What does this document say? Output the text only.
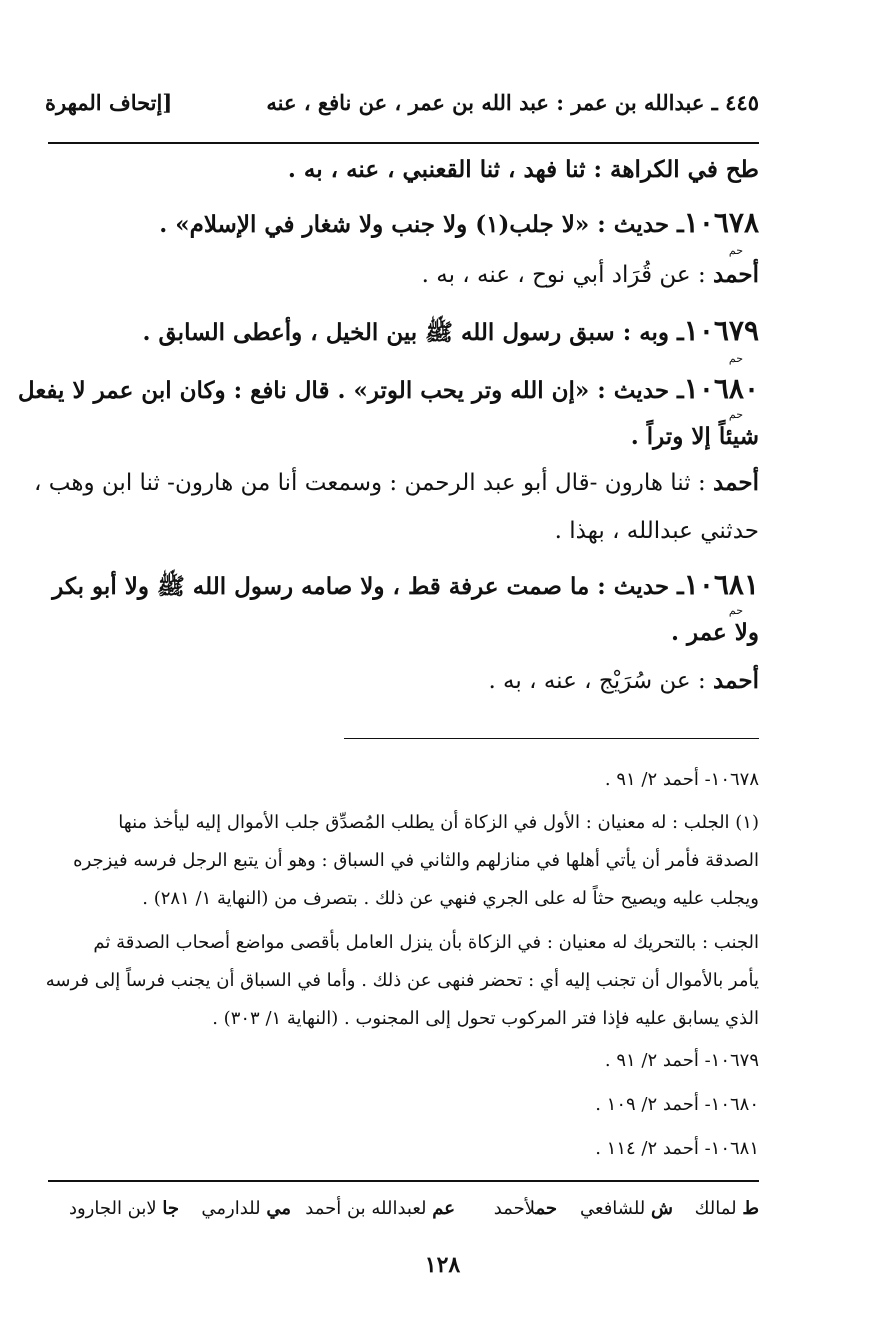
٤٤٥ ـ عبدالله بن عمر : عبد الله بن عمر ، عن نافع ، عنه
[إتحاف المهرة
طح في الكراهة : ثنا فهد ، ثنا القعنبي ، عنه ، به .
١٠٦٧٨ـ حديث : «لا جلب(١) ولا جنب ولا شغار في الإسلام» .
حم
أحمد : عن قُرَاد أبي نوح ، عنه ، به .
١٠٦٧٩ـ وبه : سبق رسول الله ﷺ بين الخيل ، وأعطى السابق .
حم
١٠٦٨٠ـ حديث : «إن الله وتر يحب الوتر» . قال نافع : وكان ابن عمر لا يفعل
حم
شيئاً إلا وتراً .
أحمد : ثنا هارون -قال أبو عبد الرحمن : وسمعت أنا من هارون- ثنا ابن وهب ،
حدثني عبدالله ، بهذا .
١٠٦٨١ـ حديث : ما صمت عرفة قط ، ولا صامه رسول الله ﷺ ولا أبو بكر
حم
ولا عمر .
أحمد : عن سُرَيْج ، عنه ، به .
١٠٦٧٨- أحمد ٢/ ٩١ .
(١) الجلب : له معنيان : الأول في الزكاة أن يطلب المُصدِّق جلب الأموال إليه ليأخذ منها
الصدقة فأمر أن يأتي أهلها في منازلهم والثاني في السباق : وهو أن يتبع الرجل فرسه فيزجره
ويجلب عليه ويصيح حثاً له على الجري فنهي عن ذلك . بتصرف من (النهاية ١/ ٢٨١) .
الجنب : بالتحريك له معنيان : في الزكاة بأن ينزل العامل بأقصى مواضع أصحاب الصدقة ثم
يأمر بالأموال أن تجنب إليه أي : تحضر فنهى عن ذلك . وأما في السباق أن يجنب فرساً إلى فرسه
الذي يسابق عليه فإذا فتر المركوب تحول إلى المجنوب . (النهاية ١/ ٣٠٣) .
١٠٦٧٩- أحمد ٢/ ٩١ .
١٠٦٨٠- أحمد ٢/ ١٠٩ .
١٠٦٨١- أحمد ٢/ ١١٤ .
ط لمالك
ش للشافعي
حملأحمد
عم لعبدالله بن أحمد
مي للدارمي
جا لابن الجارود
١٢٨
